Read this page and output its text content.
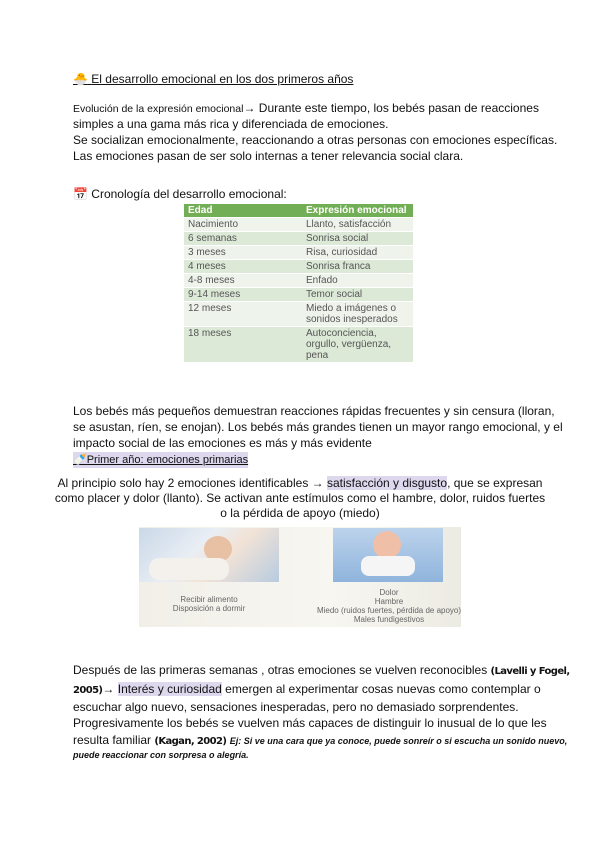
🐣 El desarrollo emocional en los dos primeros años
Evolución de la expresión emocional→ Durante este tiempo, los bebés pasan de reacciones
simples a una gama más rica y diferenciada de emociones.
Se socializan emocionalmente, reaccionando a otras personas con emociones específicas.
Las emociones pasan de ser solo internas a tener relevancia social clara.
📅 Cronología del desarrollo emocional:
Edad	Expresión emocional
Nacimiento	Llanto, satisfacción
6 semanas	Sonrisa social
3 meses	Risa, curiosidad
4 meses	Sonrisa franca
4-8 meses	Enfado
9-14 meses	Temor social
12 meses	Miedo a imágenes o sonidos inesperados
18 meses	Autoconciencia, orgullo, vergüenza, pena
Los bebés más pequeños demuestran reacciones rápidas frecuentes y sin censura (lloran,
se asustan, ríen, se enojan). Los bebés más grandes tienen un mayor rango emocional, y el
impacto social de las emociones es más y más evidente
🍼Primer año: emociones primarias
Al principio solo hay 2 emociones identificables → satisfacción y disgusto, que se expresan
como placer y dolor (llanto). Se activan ante estímulos como el hambre, dolor, ruidos fuertes
o la pérdida de apoyo (miedo)
Recibir alimento
Disposición a dormir
Dolor
Hambre
Miedo (ruidos fuertes, pérdida de apoyo)
Males fundigestivos
Después de las primeras semanas , otras emociones se vuelven reconocibles (Lavelli y Fogel,
2005)→ Interés y curiosidad emergen al experimentar cosas nuevas como contemplar o
escuchar algo nuevo, sensaciones inesperadas, pero no demasiado sorprendentes.
Progresivamente los bebés se vuelven más capaces de distinguir lo inusual de lo que les
resulta familiar (Kagan, 2002) Ej: Si ve una cara que ya conoce, puede sonreír o si escucha un sonido nuevo,
puede reaccionar con sorpresa o alegría.
